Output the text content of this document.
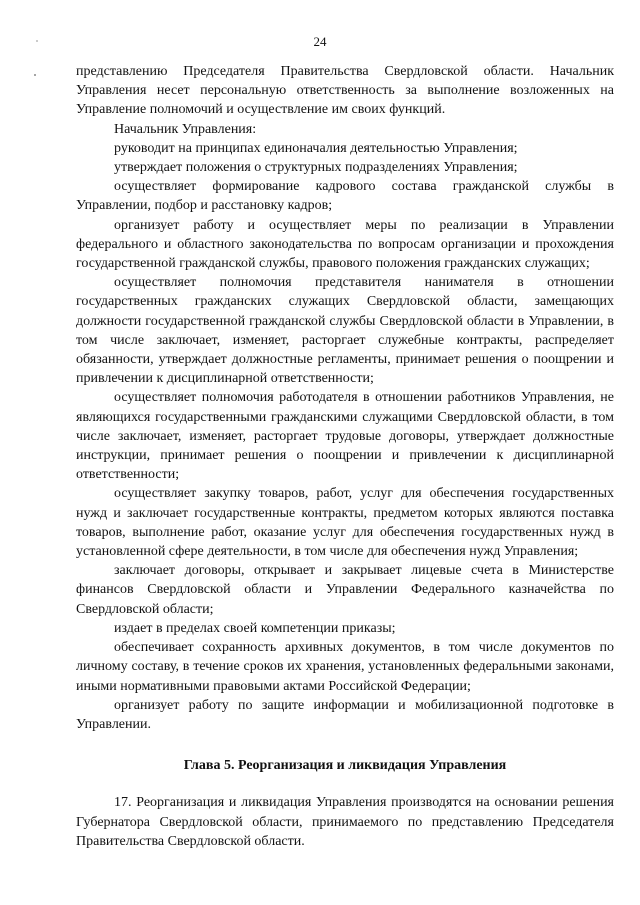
24

представлению Председателя Правительства Свердловской области. Начальник Управления несет персональную ответственность за выполнение возложенных на Управление полномочий и осуществление им своих функций.

Начальник Управления:

руководит на принципах единоначалия деятельностью Управления;

утверждает положения о структурных подразделениях Управления;

осуществляет формирование кадрового состава гражданской службы в Управлении, подбор и расстановку кадров;

организует работу и осуществляет меры по реализации в Управлении федерального и областного законодательства по вопросам организации и прохождения государственной гражданской службы, правового положения гражданских служащих;

осуществляет полномочия представителя нанимателя в отношении государственных гражданских служащих Свердловской области, замещающих должности государственной гражданской службы Свердловской области в Управлении, в том числе заключает, изменяет, расторгает служебные контракты, распределяет обязанности, утверждает должностные регламенты, принимает решения о поощрении и привлечении к дисциплинарной ответственности;

осуществляет полномочия работодателя в отношении работников Управления, не являющихся государственными гражданскими служащими Свердловской области, в том числе заключает, изменяет, расторгает трудовые договоры, утверждает должностные инструкции, принимает решения о поощрении и привлечении к дисциплинарной ответственности;

осуществляет закупку товаров, работ, услуг для обеспечения государственных нужд и заключает государственные контракты, предметом которых являются поставка товаров, выполнение работ, оказание услуг для обеспечения государственных нужд в установленной сфере деятельности, в том числе для обеспечения нужд Управления;

заключает договоры, открывает и закрывает лицевые счета в Министерстве финансов Свердловской области и Управлении Федерального казначейства по Свердловской области;

издает в пределах своей компетенции приказы;

обеспечивает сохранность архивных документов, в том числе документов по личному составу, в течение сроков их хранения, установленных федеральными законами, иными нормативными правовыми актами Российской Федерации;

организует работу по защите информации и мобилизационной подготовке в Управлении.

Глава 5. Реорганизация и ликвидация Управления

17. Реорганизация и ликвидация Управления производятся на основании решения Губернатора Свердловской области, принимаемого по представлению Председателя Правительства Свердловской области.
